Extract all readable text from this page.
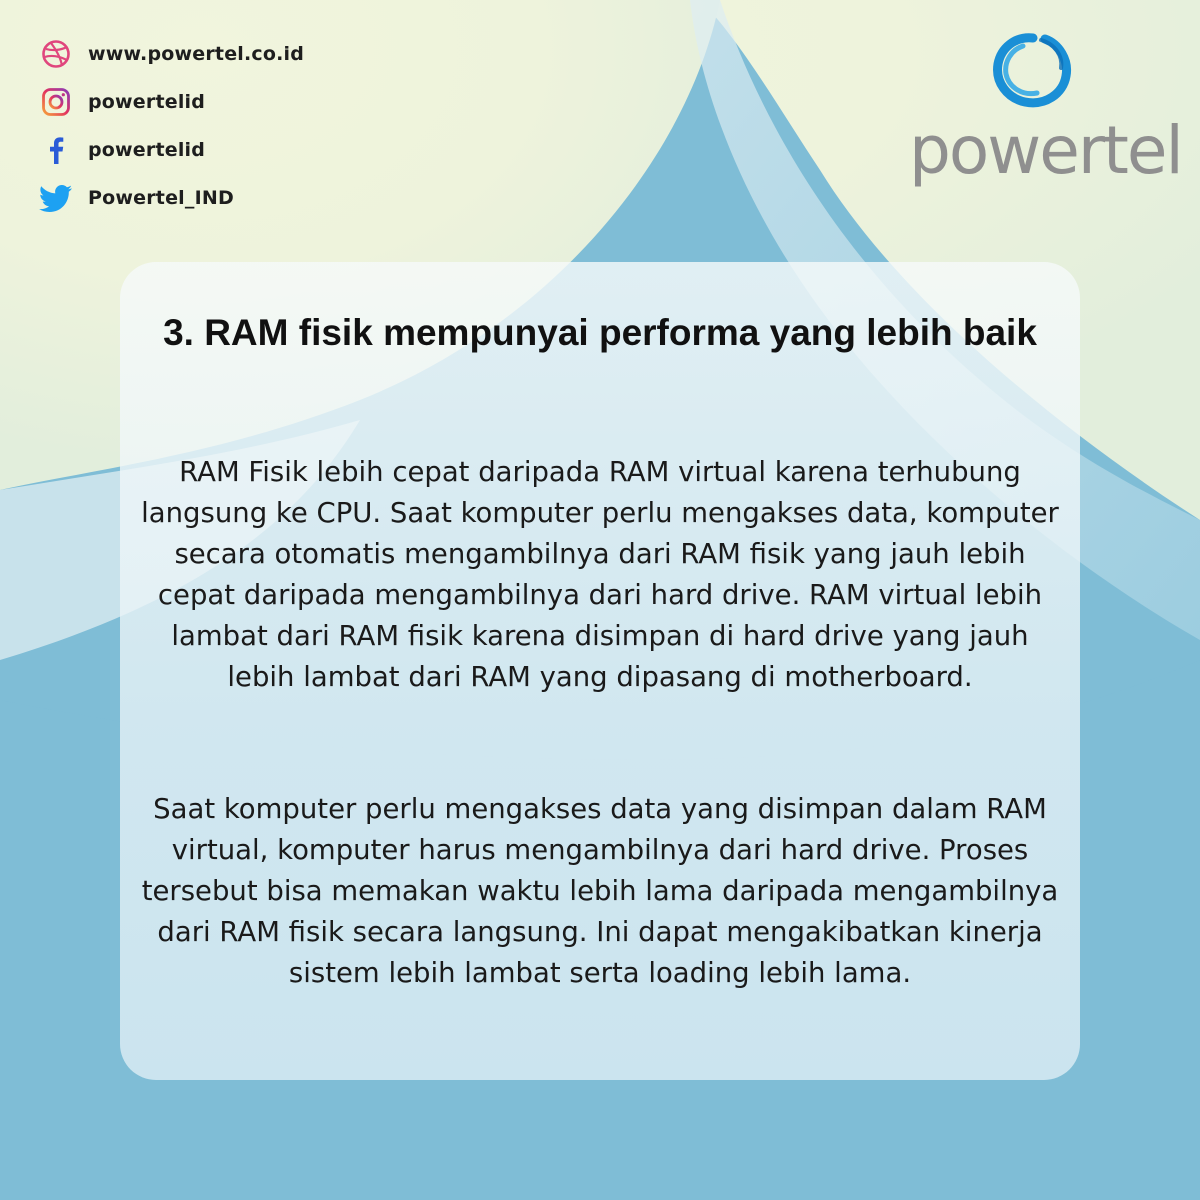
www.powertel.co.id
powertelid
powertelid
Powertel_IND
powertel
3. RAM fisik mempunyai performa yang lebih baik
RAM Fisik lebih cepat daripada RAM virtual karena terhubung langsung ke CPU. Saat komputer perlu mengakses data, komputer secara otomatis mengambilnya dari RAM fisik yang jauh lebih cepat daripada mengambilnya dari hard drive. RAM virtual lebih lambat dari RAM fisik karena disimpan di hard drive yang jauh lebih lambat dari RAM yang dipasang di motherboard.
Saat komputer perlu mengakses data yang disimpan dalam RAM virtual, komputer harus mengambilnya dari hard drive. Proses tersebut bisa memakan waktu lebih lama daripada mengambilnya dari RAM fisik secara langsung. Ini dapat mengakibatkan kinerja sistem lebih lambat serta loading lebih lama.
